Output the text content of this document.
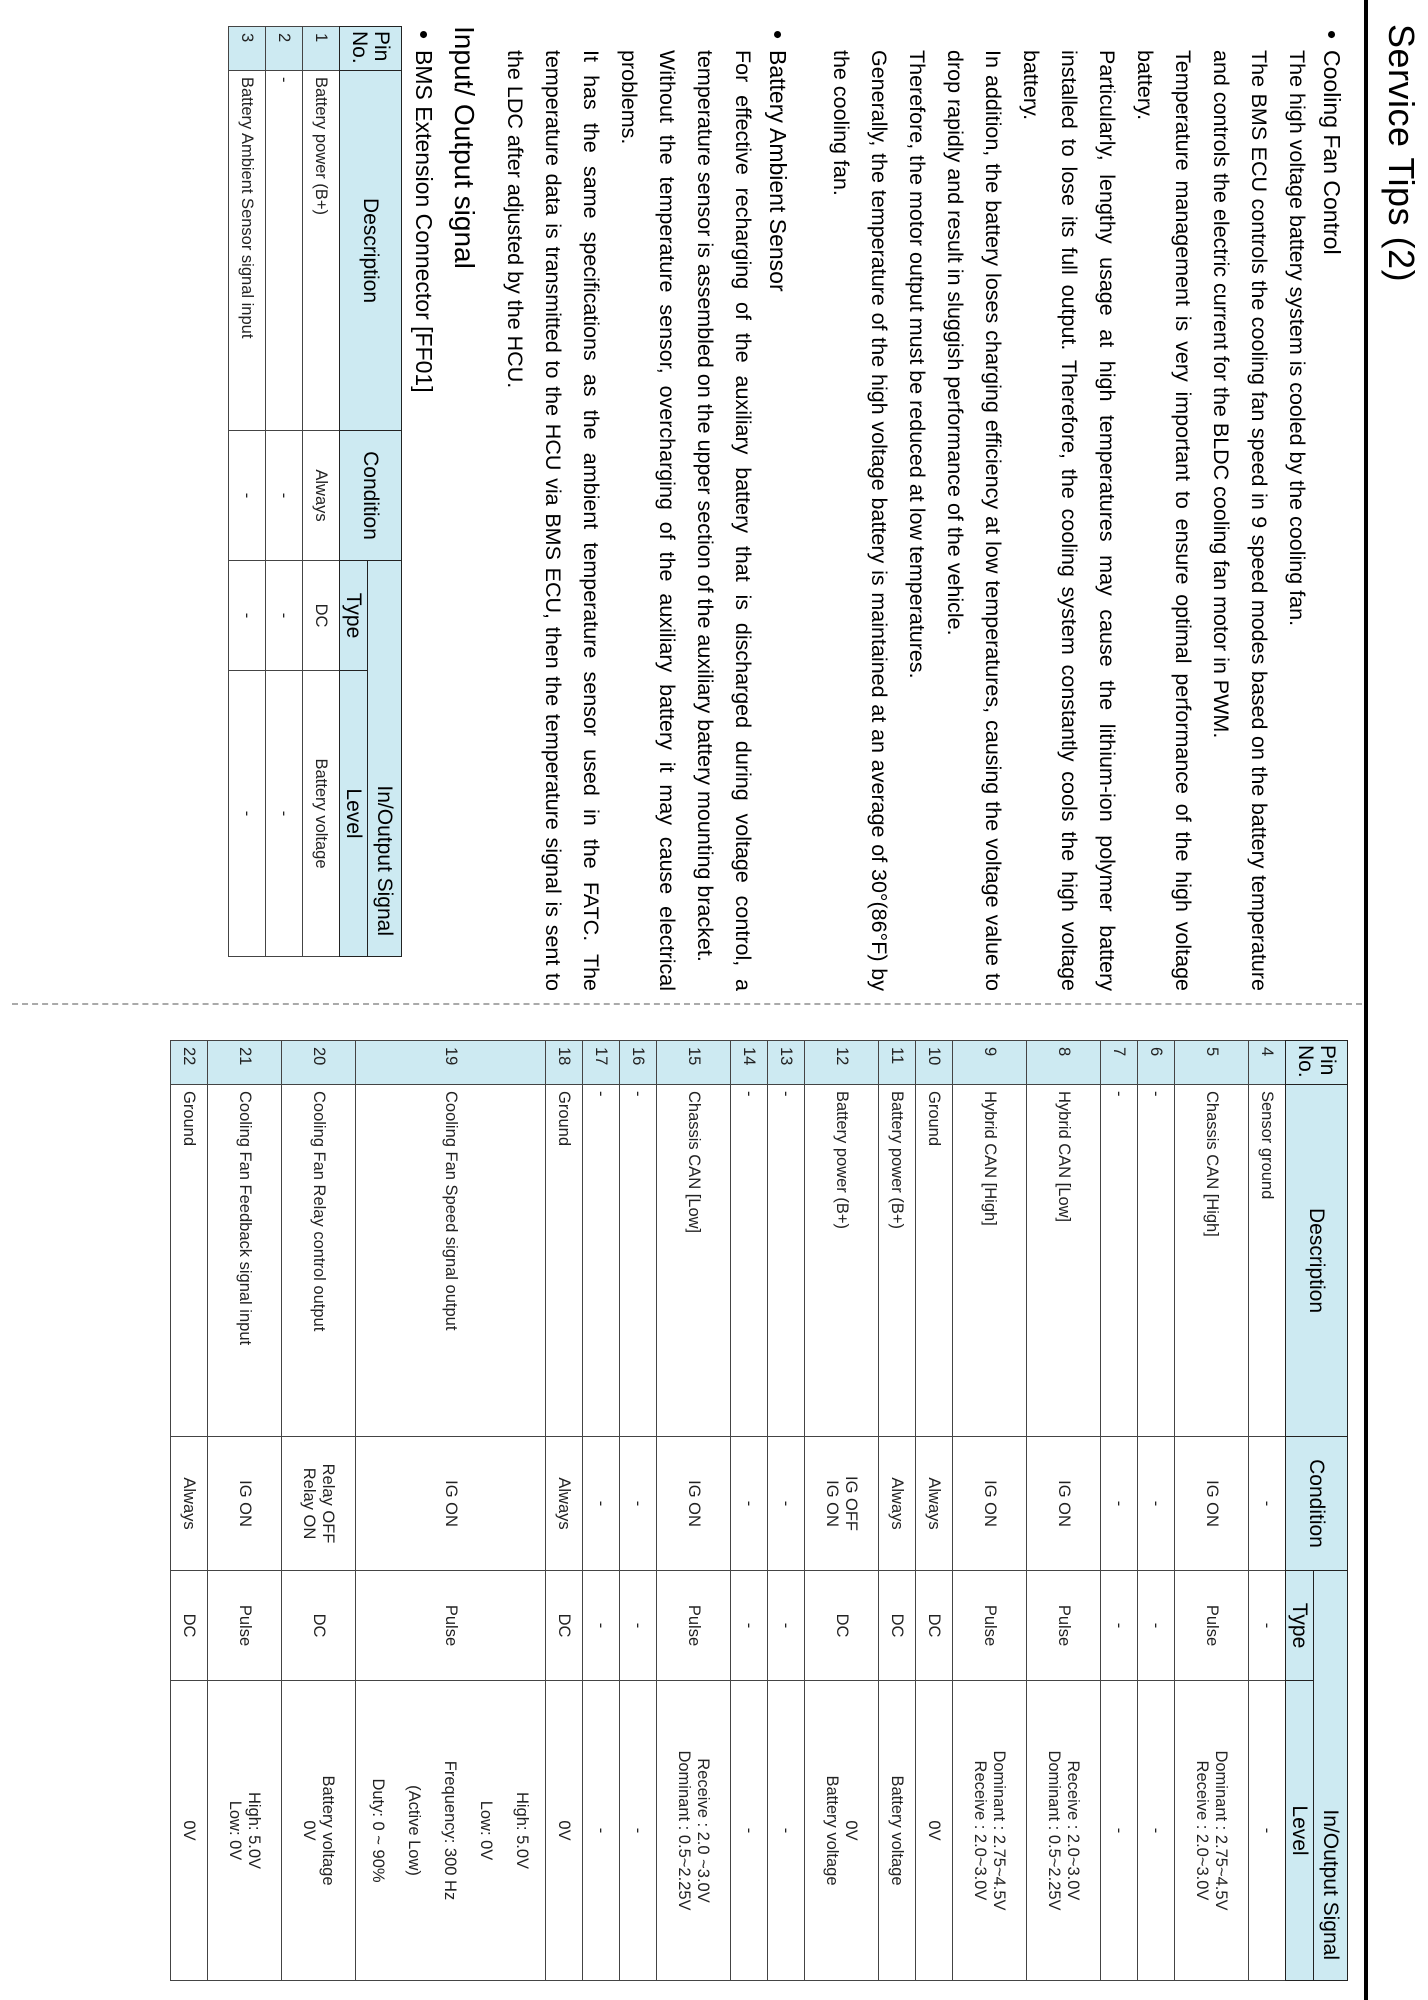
Service Tips (2)

• Cooling Fan Control

The high voltage battery system is cooled by the cooling fan.

The BMS ECU controls the cooling fan speed in 9 speed modes based on the battery temperature and controls the electric current for the BLDC cooling fan motor in PWM.

Temperature management is very important to ensure optimal performance of the high voltage battery.

Particularly, lengthy usage at high temperatures may cause the lithium-ion polymer battery installed to lose its full output. Therefore, the cooling system constantly cools the high voltage battery.

In addition, the battery loses charging efficiency at low temperatures, causing the voltage value to drop rapidly and result in sluggish performance of the vehicle.

Therefore, the motor output must be reduced at low temperatures.

Generally, the temperature of the high voltage battery is maintained at an average of 30°(86°F) by the cooling fan.

• Battery Ambient Sensor

For effective recharging of the auxiliary battery that is discharged during voltage control, a temperature sensor is assembled on the upper section of the auxiliary battery mounting bracket.

Without the temperature sensor, overcharging of the auxiliary battery it may cause electrical problems.

It has the same specifications as the ambient temperature sensor used in the FATC. The temperature data is transmitted to the HCU via BMS ECU, then the temperature signal is sent to the LDC after adjusted by the HCU.

Input/ Output signal

• BMS Extension Connector [FF01]

Pin No.	Description	Condition	In/Output Signal	
			Type	Level
1	Battery power (B+)	Always	DC	Battery voltage
2	-	-	-	-
3	Battery Ambient Sensor signal input	-	-	-
Pin No.	Description	Condition	In/Output Signal	
			Type	Level
4	Sensor ground	-	-	-
5	Chassis CAN [High]	IG ON	Pulse	Dominant : 2.75~4.5V
Receive : 2.0~3.0V

6	-	-	-	-
7	-	-	-	-
8	Hybrid CAN [Low]	IG ON	Pulse	Receive : 2.0~3.0V
Dominant : 0.5~2.25V

9	Hybrid CAN [High]	IG ON	Pulse	Dominant : 2.75~4.5V
Receive : 2.0~3.0V

10	Ground	Always	DC	0V
11	Battery power (B+)	Always	DC	Battery voltage
12	Battery power (B+)	IG OFF
IG ON	DC	0V
Battery voltage

13	-	-	-	-
14	-	-	-	-
15	Chassis CAN [Low]	IG ON	Pulse	Receive : 2.0 ~3.0V
Dominant : 0.5~2.25V

16	-	-	-	-
17	-	-	-	-
18	Ground	Always	DC	0V
19	Cooling Fan Speed signal output	IG ON	Pulse	High: 5.0V
Low: 0V
Frequency: 300 Hz
(Active Low)
Duty: 0 ~ 90%

20	Cooling Fan Relay control output	Relay OFF
Relay ON	DC	Battery voltage
0V

21	Cooling Fan Feedback signal input	IG ON	Pulse	High: 5.0V
Low: 0V

22	Ground	Always	DC	0V
